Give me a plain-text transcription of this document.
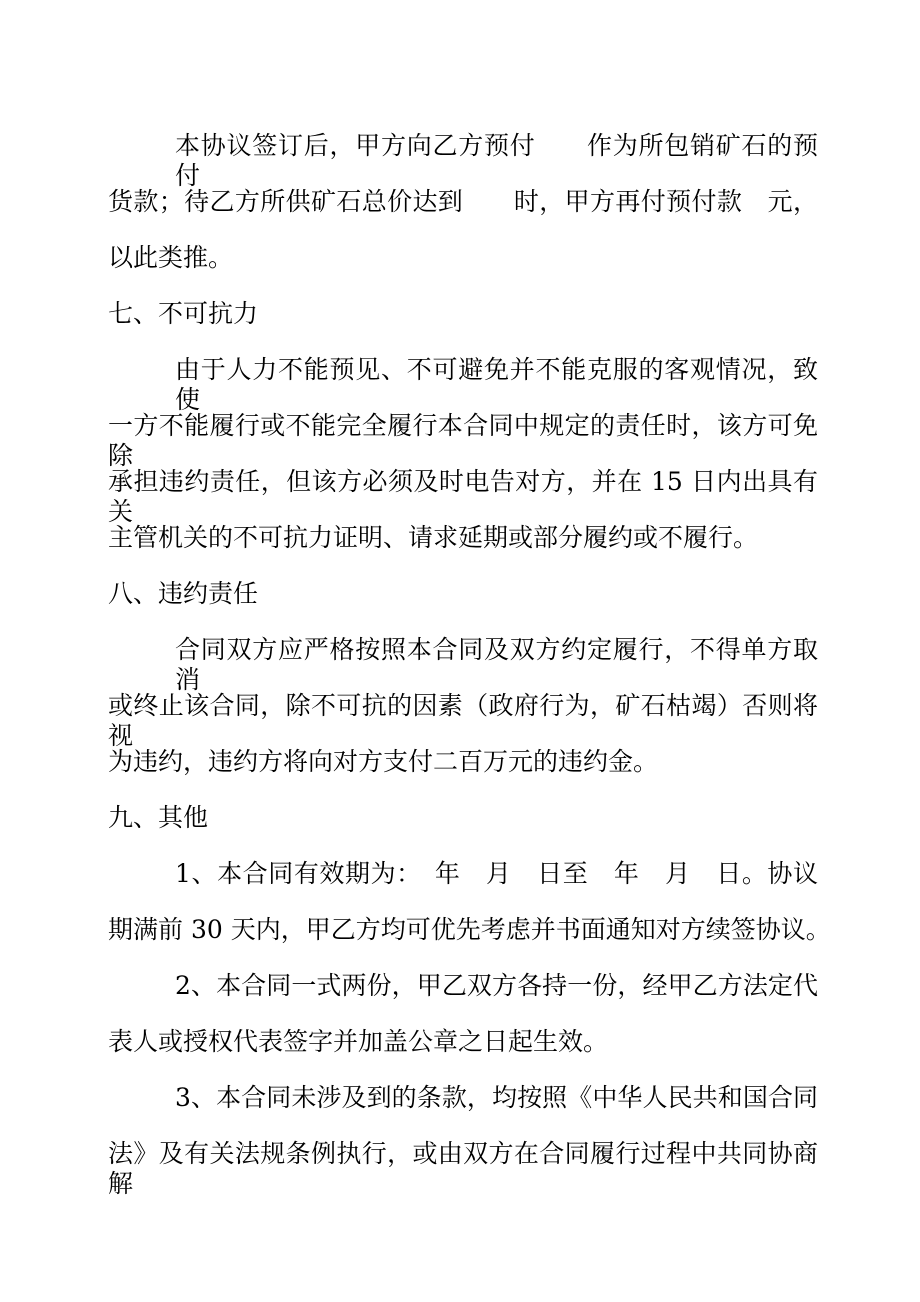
本协议签订后，甲方向乙方预付　　作为所包销矿石的预付
货款；待乙方所供矿石总价达到　　时，甲方再付预付款　元，
以此类推。
七、不可抗力
由于人力不能预见、不可避免并不能克服的客观情况，致使
一方不能履行或不能完全履行本合同中规定的责任时，该方可免除
承担违约责任，但该方必须及时电告对方，并在 15 日内出具有关
主管机关的不可抗力证明、请求延期或部分履约或不履行。
八、违约责任
合同双方应严格按照本合同及双方约定履行，不得单方取消
或终止该合同，除不可抗的因素（政府行为，矿石枯竭）否则将视
为违约，违约方将向对方支付二百万元的违约金。
九、其他
1、本合同有效期为：　年　月　日至　年　月　日。协议
期满前 30 天内，甲乙方均可优先考虑并书面通知对方续签协议。
2、本合同一式两份，甲乙双方各持一份，经甲乙方法定代
表人或授权代表签字并加盖公章之日起生效。
3、本合同未涉及到的条款，均按照《中华人民共和国合同
法》及有关法规条例执行，或由双方在合同履行过程中共同协商解
